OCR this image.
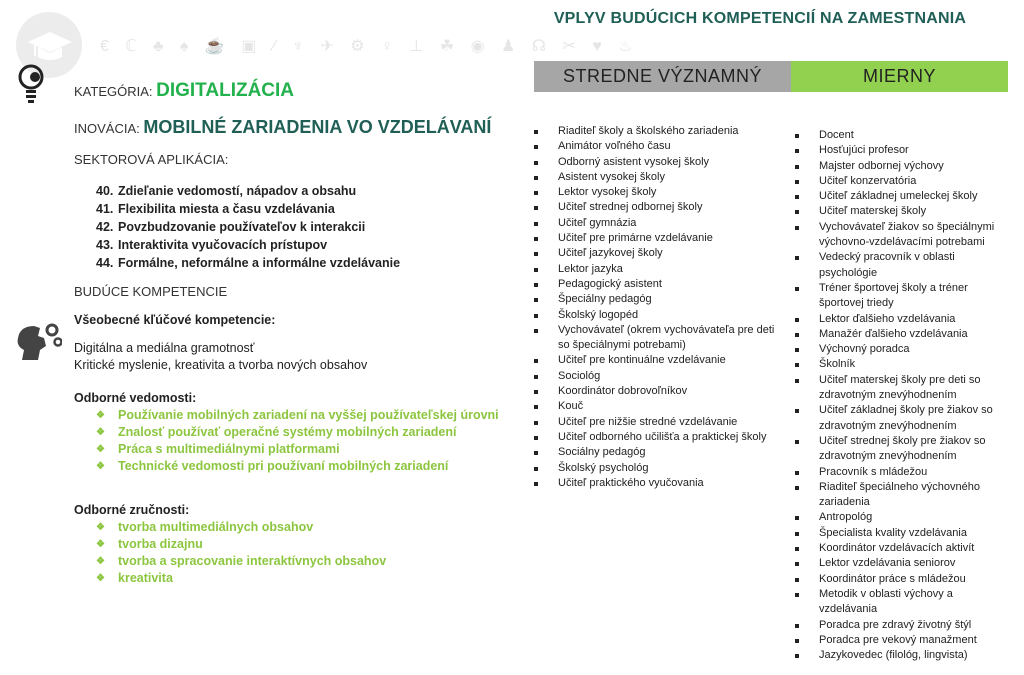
€ ℂ ♣ ♠ ☕ ▣ ⁄ ♆ ✈ ⚙ ♀ ⊥ ☘ ◉ ♟ ☊ ✂ ♥ ♨
VPLYV BUDÚCICH KOMPETENCIÍ NA ZAMESTNANIA
STREDNE VÝZNAMNÝ	MIERNY
KATEGÓRIA: DIGITALIZÁCIA
INOVÁCIA: MOBILNÉ ZARIADENIA VO VZDELÁVANÍ
SEKTOROVÁ APLIKÁCIA:
40. Zdieľanie vedomostí, nápadov a obsahu
41. Flexibilita miesta a času vzdelávania
42. Povzbudzovanie používateľov k interakcii
43. Interaktivita vyučovacích prístupov
44. Formálne, neformálne a informálne vzdelávanie
BUDÚCE KOMPETENCIE
Všeobecné kľúčové kompetencie:
Digitálna a mediálna gramotnosť
Kritické myslenie, kreativita a tvorba nových obsahov
Odborné vedomosti:
❖ Používanie mobilných zariadení na vyššej používateľskej úrovni
❖ Znalosť používať operačné systémy mobilných zariadení
❖ Práca s multimediálnymi platformami
❖ Technické vedomosti pri používaní mobilných zariadení
Odborné zručnosti:
❖ tvorba multimediálnych obsahov
❖ tvorba dizajnu
❖ tvorba a spracovanie interaktívnych obsahov
❖ kreativita
Riaditeľ školy a školského zariadenia
Animátor voľného času
Odborný asistent vysokej školy
Asistent vysokej školy
Lektor vysokej školy
Učiteľ strednej odbornej školy
Učiteľ gymnázia
Učiteľ pre primárne vzdelávanie
Učiteľ jazykovej školy
Lektor jazyka
Pedagogický asistent
Špeciálny pedagóg
Školský logopéd
Vychovávateľ (okrem vychovávateľa pre deti so špeciálnymi potrebami)
Učiteľ pre kontinuálne vzdelávanie
Sociológ
Koordinátor dobrovoľníkov
Kouč
Učiteľ pre nižšie stredné vzdelávanie
Učiteľ odborného učilišťa a praktickej školy
Sociálny pedagóg
Školský psychológ
Učiteľ praktického vyučovania
Docent
Hosťujúci profesor
Majster odbornej výchovy
Učiteľ konzervatória
Učiteľ základnej umeleckej školy
Učiteľ materskej školy
Vychovávateľ žiakov so špeciálnymi výchovno-vzdelávacími potrebami
Vedecký pracovník v oblasti psychológie
Tréner športovej školy a tréner športovej triedy
Lektor ďalšieho vzdelávania
Manažér ďalšieho vzdelávania
Výchovný poradca
Školník
Učiteľ materskej školy pre deti so zdravotným znevýhodnením
Učiteľ základnej školy pre žiakov so zdravotným znevýhodnením
Učiteľ strednej školy pre žiakov so zdravotným znevýhodnením
Pracovník s mládežou
Riaditeľ špeciálneho výchovného zariadenia
Antropológ
Špecialista kvality vzdelávania
Koordinátor vzdelávacích aktivít
Lektor vzdelávania seniorov
Koordinátor práce s mládežou
Metodik v oblasti výchovy a vzdelávania
Poradca pre zdravý životný štýl
Poradca pre vekový manažment
Jazykovedec (filológ, lingvista)
